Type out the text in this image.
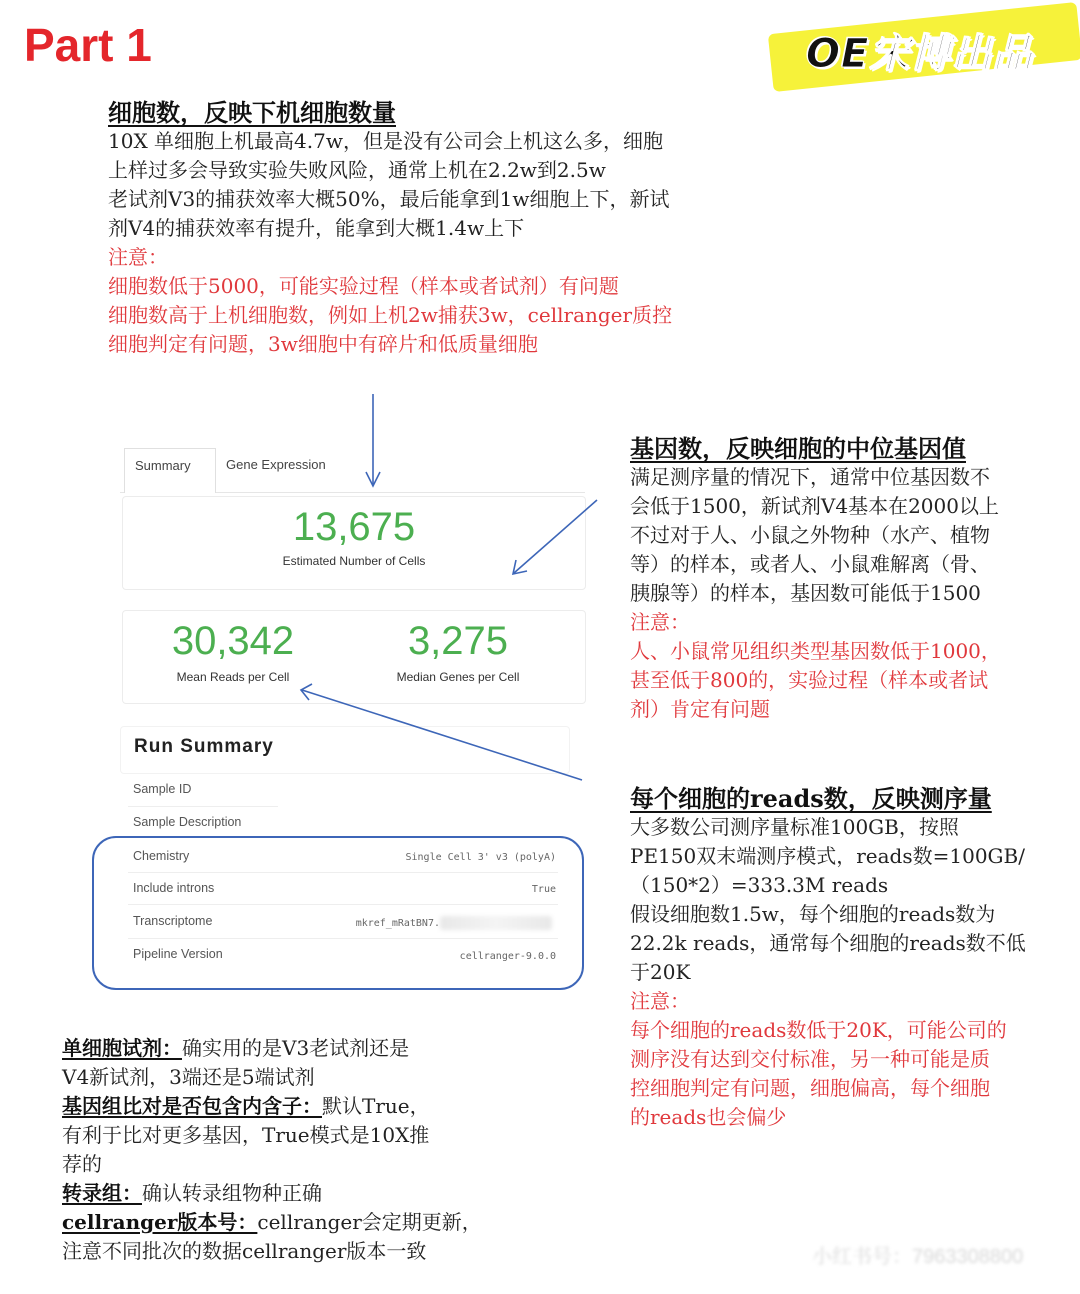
Part 1	OE宋博出品
细胞数，反映下机细胞数量
10X 单细胞上机最高4.7w，但是没有公司会上机这么多，细胞
上样过多会导致实验失败风险，通常上机在2.2w到2.5w
老试剂V3的捕获效率大概50%，最后能拿到1w细胞上下，新试
剂V4的捕获效率有提升，能拿到大概1.4w上下
注意：
细胞数低于5000，可能实验过程（样本或者试剂）有问题
细胞数高于上机细胞数，例如上机2w捕获3w，cellranger质控
细胞判定有问题，3w细胞中有碎片和低质量细胞
基因数，反映细胞的中位基因值
满足测序量的情况下，通常中位基因数不
会低于1500，新试剂V4基本在2000以上
不过对于人、小鼠之外物种（水产、植物
等）的样本，或者人、小鼠难解离（骨、
胰腺等）的样本，基因数可能低于1500
注意：
人、小鼠常见组织类型基因数低于1000，
甚至低于800的，实验过程（样本或者试
剂）肯定有问题
每个细胞的reads数，反映测序量
大多数公司测序量标准100GB，按照
PE150双末端测序模式，reads数=100GB/
（150*2）=333.3M reads
假设细胞数1.5w，每个细胞的reads数为
22.2k reads，通常每个细胞的reads数不低
于20K
注意：
每个细胞的reads数低于20K，可能公司的
测序没有达到交付标准，另一种可能是质
控细胞判定有问题，细胞偏高，每个细胞
的reads也会偏少
单细胞试剂：确实用的是V3老试剂还是
V4新试剂，3端还是5端试剂
基因组比对是否包含内含子：默认True，
有利于比对更多基因，True模式是10X推
荐的
转录组：确认转录组物种正确
cellranger版本号：cellranger会定期更新，
注意不同批次的数据cellranger版本一致
Summary	Gene Expression
13,675
Estimated Number of Cells
30,342
Mean Reads per Cell
3,275
Median Genes per Cell
Run Summary
Sample ID
Sample Description
Chemistry	Single Cell 3' v3 (polyA)
Include introns	True
Transcriptome	mkref_mRatBN7.
Pipeline Version	cellranger-9.0.0
小红书号：7963308800
